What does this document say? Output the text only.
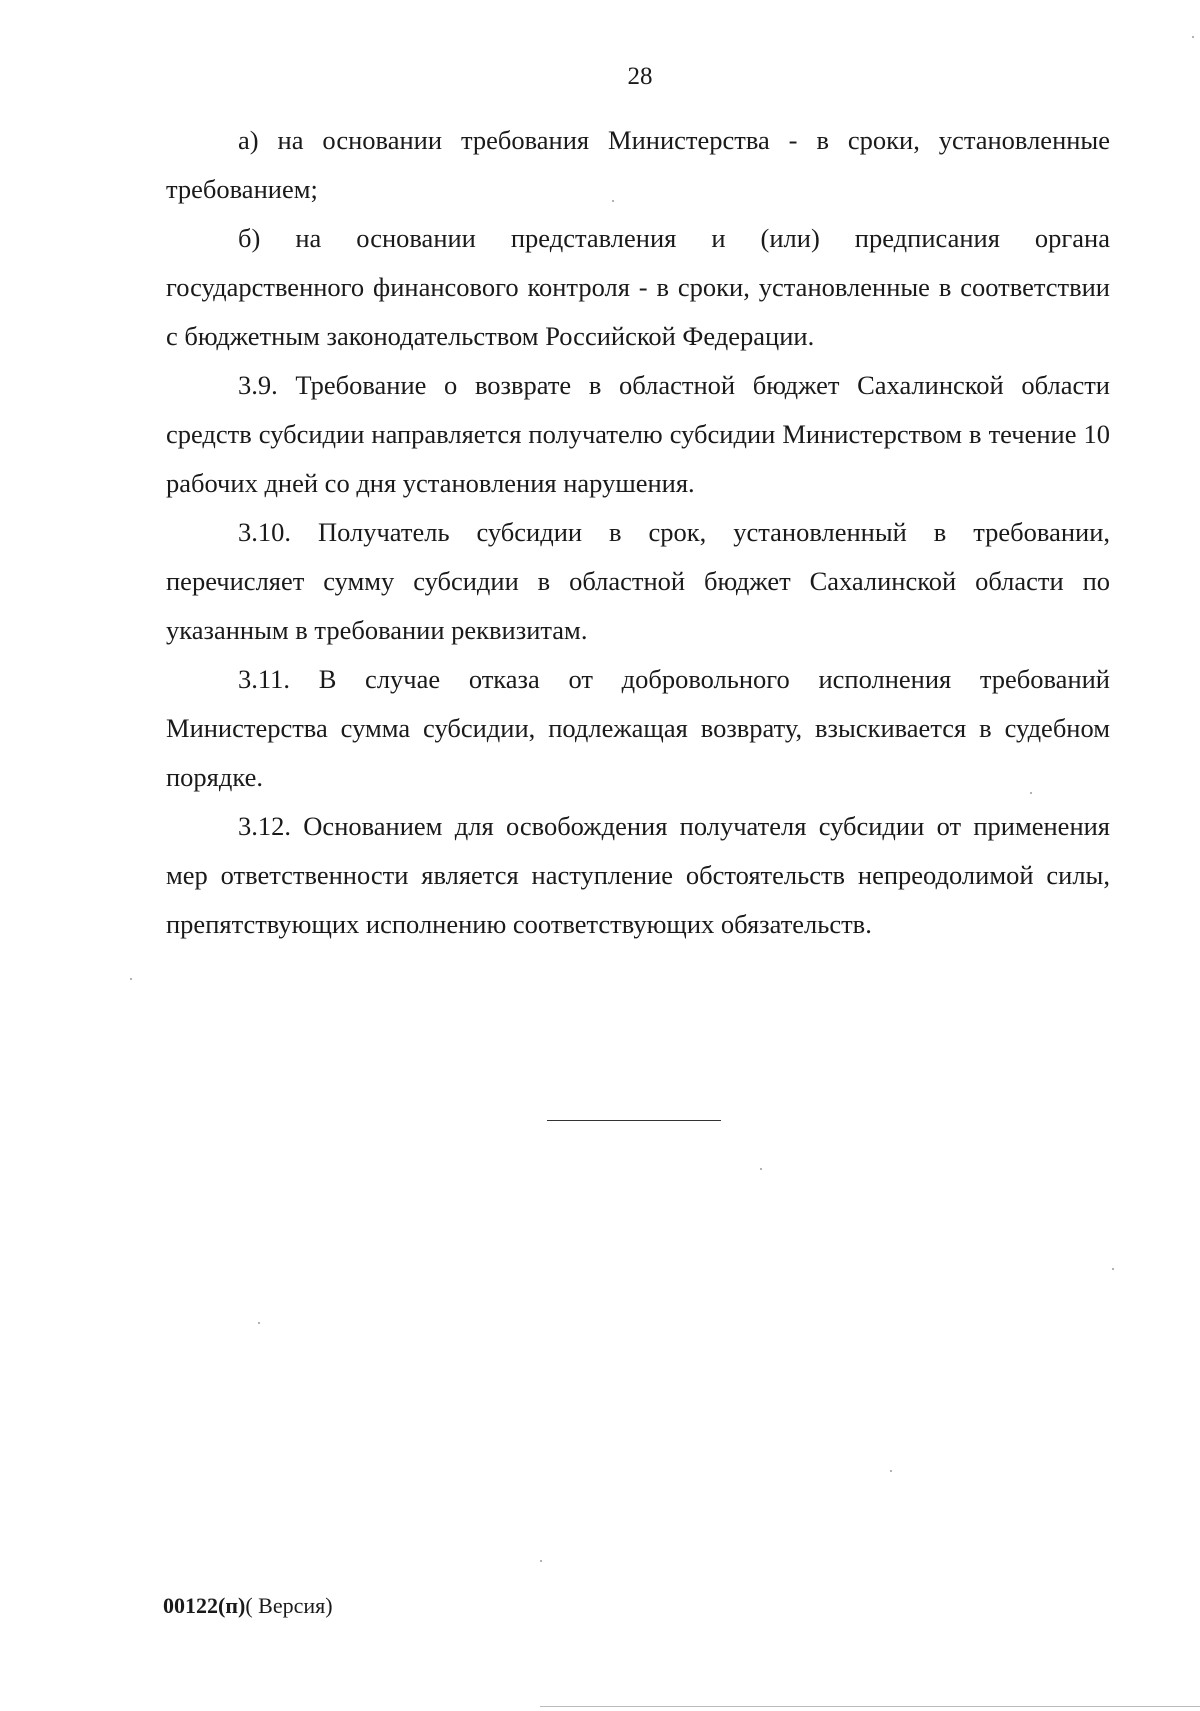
28

а) на основании требования Министерства - в сроки, установленные требованием;

б) на основании представления и (или) предписания органа государственного финансового контроля - в сроки, установленные в соответствии с бюджетным законодательством Российской Федерации.

3.9. Требование о возврате в областной бюджет Сахалинской области средств субсидии направляется получателю субсидии Министерством в течение 10 рабочих дней со дня установления нарушения.

3.10. Получатель субсидии в срок, установленный в требовании, перечисляет сумму субсидии в областной бюджет Сахалинской области по указанным в требовании реквизитам.

3.11. В случае отказа от добровольного исполнения требований Министерства сумма субсидии, подлежащая возврату, взыскивается в судебном порядке.

3.12. Основанием для освобождения получателя субсидии от применения мер ответственности является наступление обстоятельств непреодолимой силы, препятствующих исполнению соответствующих обязательств.

00122(п)( Версия)
